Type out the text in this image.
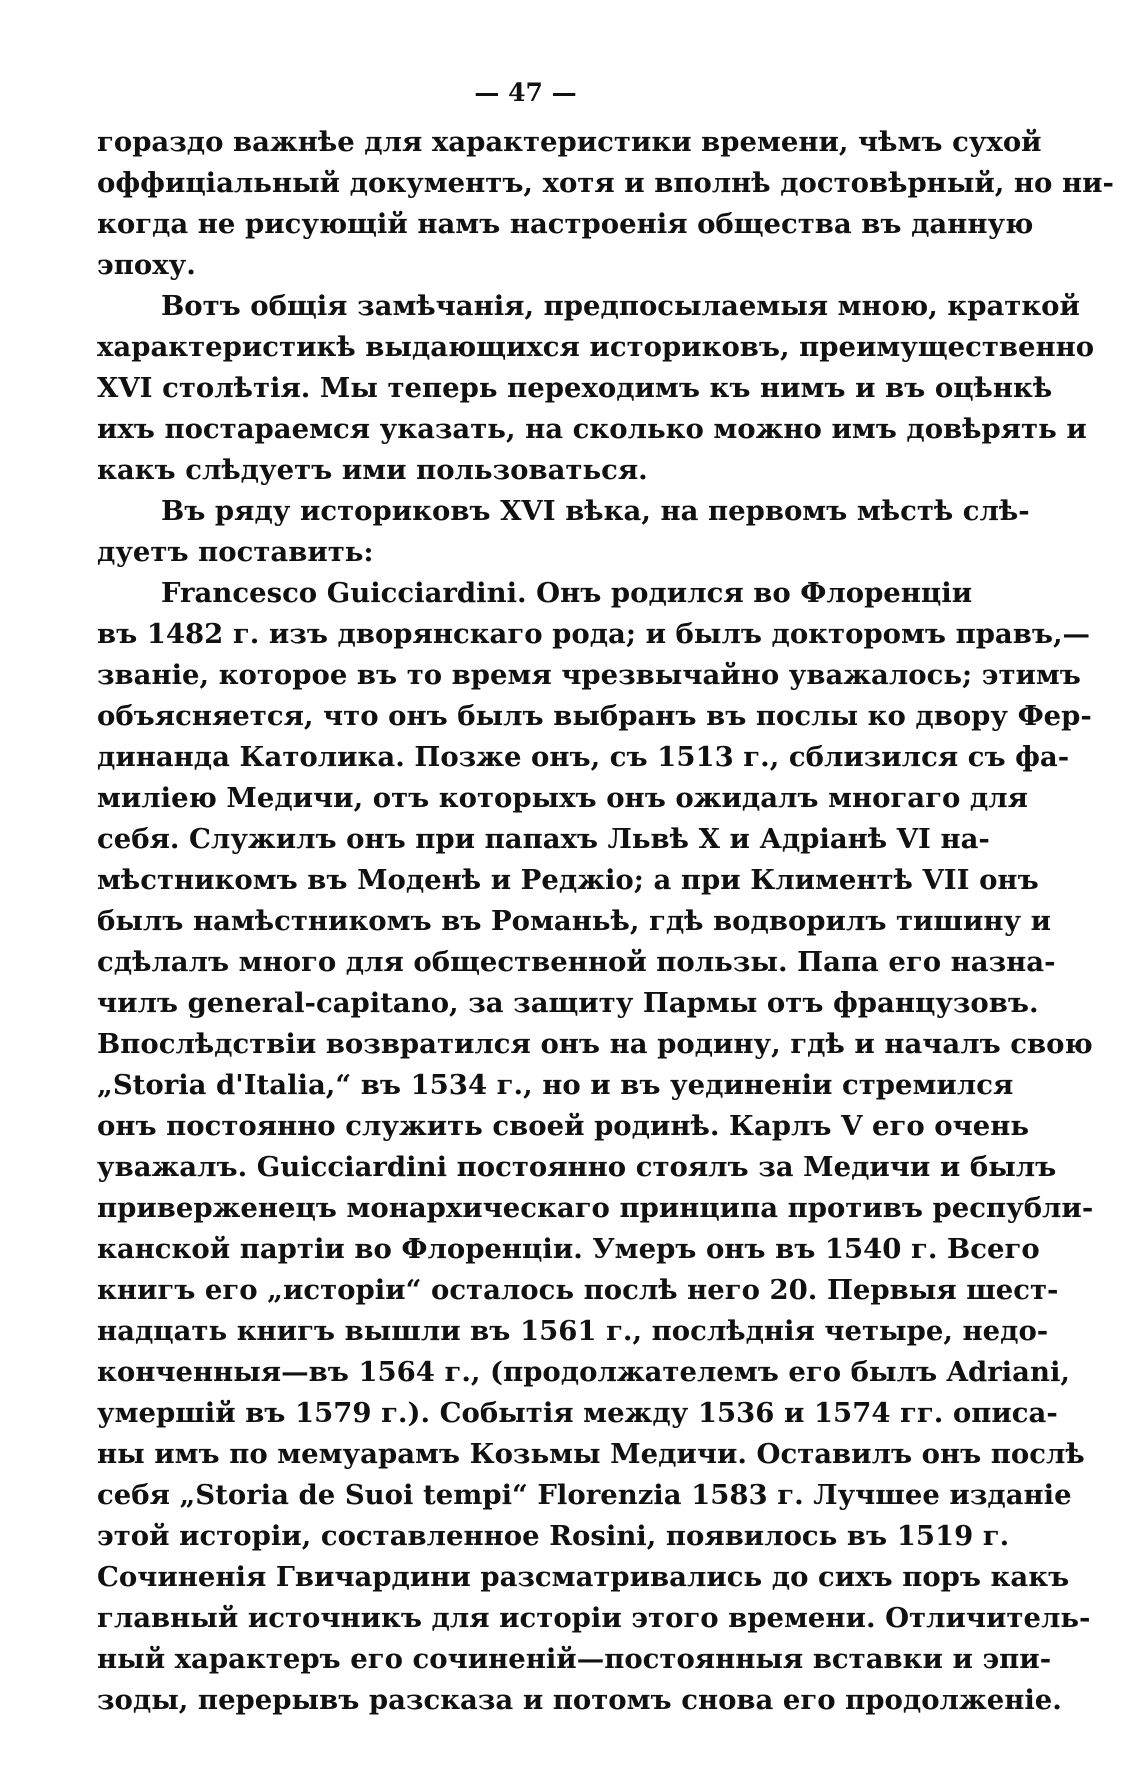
— 47 —
гораздо важнѣе для характеристики времени, чѣмъ сухой
оффиціальный документъ, хотя и вполнѣ достовѣрный, но ни-
когда не рисующій намъ настроенія общества въ данную
эпоху.
Вотъ общія замѣчанія, предпосылаемыя мною, краткой
характеристикѣ выдающихся историковъ, преимущественно
XVI столѣтія. Мы теперь переходимъ къ нимъ и въ оцѣнкѣ
ихъ постараемся указать, на сколько можно имъ довѣрять и
какъ слѣдуетъ ими пользоваться.
Въ ряду историковъ XVI вѣка, на первомъ мѣстѣ слѣ-
дуетъ поставить:
Francesco Guicciardini. Онъ родился во Флоренціи
въ 1482 г. изъ дворянскаго рода; и былъ докторомъ правъ,—
званіе, которое въ то время чрезвычайно уважалось; этимъ
объясняется, что онъ былъ выбранъ въ послы ко двору Фер-
динанда Католика. Позже онъ, съ 1513 г., сблизился съ фа-
миліею Медичи, отъ которыхъ онъ ожидалъ многаго для
себя. Служилъ онъ при папахъ Львѣ X и Адріанѣ VI на-
мѣстникомъ въ Моденѣ и Реджіо; а при Климентѣ VII онъ
былъ намѣстникомъ въ Романьѣ, гдѣ водворилъ тишину и
сдѣлалъ много для общественной пользы. Папа его назна-
чилъ general-capitano, за защиту Пармы отъ французовъ.
Впослѣдствіи возвратился онъ на родину, гдѣ и началъ свою
„Storia d'Italia,“ въ 1534 г., но и въ уединеніи стремился
онъ постоянно служить своей родинѣ. Карлъ V его очень
уважалъ. Guicciardini постоянно стоялъ за Медичи и былъ
приверженецъ монархическаго принципа противъ республи-
канской партіи во Флоренціи. Умеръ онъ въ 1540 г. Всего
книгъ его „исторіи“ осталось послѣ него 20. Первыя шест-
надцать книгъ вышли въ 1561 г., послѣднія четыре, недо-
конченныя—въ 1564 г., (продолжателемъ его былъ Adriani,
умершій въ 1579 г.). Событія между 1536 и 1574 гг. описа-
ны имъ по мемуарамъ Козьмы Медичи. Оставилъ онъ послѣ
себя „Storia de Suoi tempi“ Florenzia 1583 г. Лучшее изданіе
этой исторіи, составленное Rosini, появилось въ 1519 г.
Сочиненія Гвичардини разсматривались до сихъ поръ какъ
главный источникъ для исторіи этого времени. Отличитель-
ный характеръ его сочиненій—постоянныя вставки и эпи-
зоды, перерывъ разсказа и потомъ снова его продолженіе.
